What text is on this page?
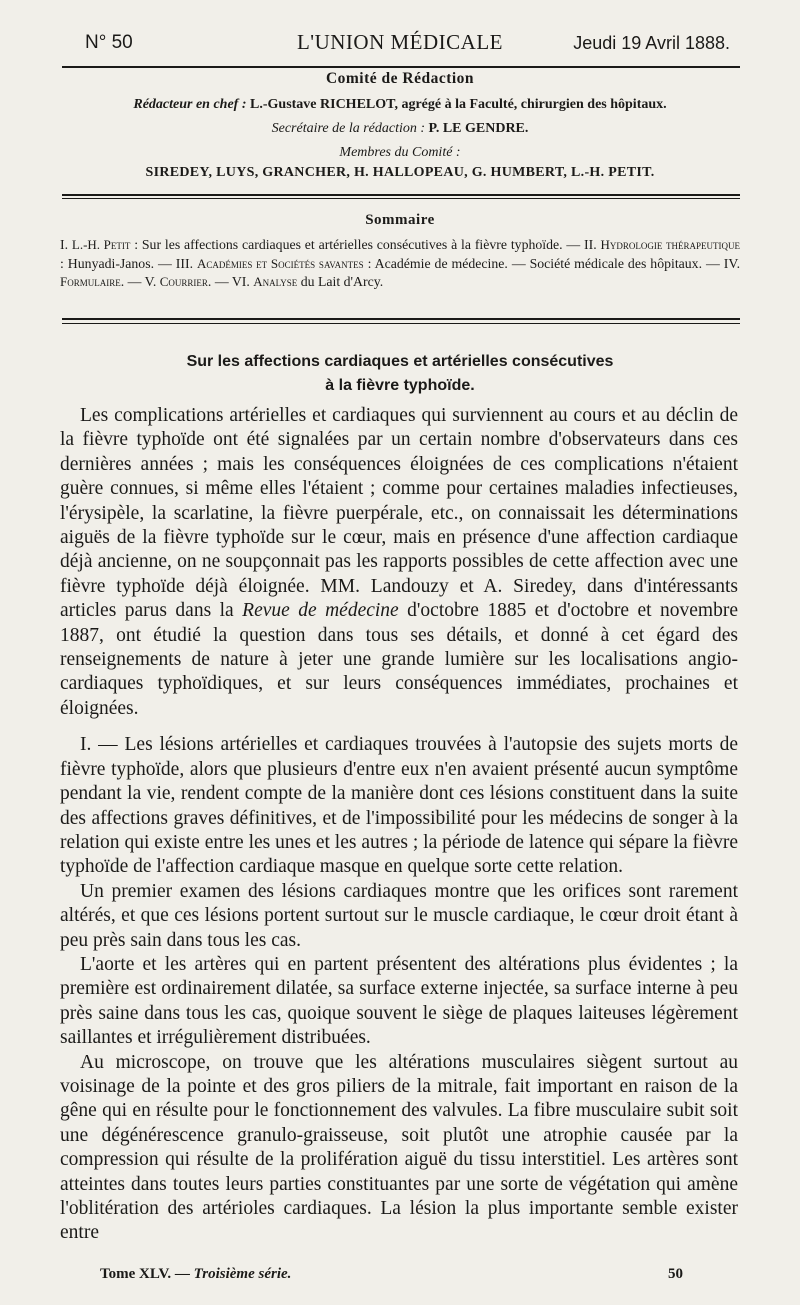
N° 50	L'UNION MÉDICALE	Jeudi 19 Avril 1888.
Comité de Rédaction
Rédacteur en chef : L.-Gustave RICHELOT, agrégé à la Faculté, chirurgien des hôpitaux.
Secrétaire de la rédaction : P. LE GENDRE.
Membres du Comité :
SIREDEY, LUYS, GRANCHER, H. HALLOPEAU, G. HUMBERT, L.-H. PETIT.
Sommaire

I. L.-H. Petit : Sur les affections cardiaques et artérielles consécutives à la fièvre typhoïde. — II. Hydrologie thérapeutique : Hunyadi-Janos. — III. Académies et Sociétés savantes : Académie de médecine. — Société médicale des hôpitaux. — IV. Formulaire. — V. Courrier. — VI. Analyse du Lait d'Arcy.

Sur les affections cardiaques et artérielles consécutives
à la fièvre typhoïde.

Les complications artérielles et cardiaques qui surviennent au cours et au déclin de la fièvre typhoïde ont été signalées par un certain nombre d'observateurs dans ces dernières années ; mais les conséquences éloignées de ces complications n'étaient guère connues, si même elles l'étaient ; comme pour certaines maladies infectieuses, l'érysipèle, la scarlatine, la fièvre puerpérale, etc., on connaissait les déterminations aiguës de la fièvre typhoïde sur le cœur, mais en présence d'une affection cardiaque déjà ancienne, on ne soupçonnait pas les rapports possibles de cette affection avec une fièvre typhoïde déjà éloignée. MM. Landouzy et A. Siredey, dans d'intéressants articles parus dans la Revue de médecine d'octobre 1885 et d'octobre et novembre 1887, ont étudié la question dans tous ses détails, et donné à cet égard des renseignements de nature à jeter une grande lumière sur les localisations angio-cardiaques typhoïdiques, et sur leurs conséquences immédiates, prochaines et éloignées.

I. — Les lésions artérielles et cardiaques trouvées à l'autopsie des sujets morts de fièvre typhoïde, alors que plusieurs d'entre eux n'en avaient présenté aucun symptôme pendant la vie, rendent compte de la manière dont ces lésions constituent dans la suite des affections graves définitives, et de l'impossibilité pour les médecins de songer à la relation qui existe entre les unes et les autres ; la période de latence qui sépare la fièvre typhoïde de l'affection cardiaque masque en quelque sorte cette relation.

Un premier examen des lésions cardiaques montre que les orifices sont rarement altérés, et que ces lésions portent surtout sur le muscle cardiaque, le cœur droit étant à peu près sain dans tous les cas.

L'aorte et les artères qui en partent présentent des altérations plus évidentes ; la première est ordinairement dilatée, sa surface externe injectée, sa surface interne à peu près saine dans tous les cas, quoique souvent le siège de plaques laiteuses légèrement saillantes et irrégulièrement distribuées.

Au microscope, on trouve que les altérations musculaires siègent surtout au voisinage de la pointe et des gros piliers de la mitrale, fait important en raison de la gêne qui en résulte pour le fonctionnement des valvules. La fibre musculaire subit soit une dégénérescence granulo-graisseuse, soit plutôt une atrophie causée par la compression qui résulte de la prolifération aiguë du tissu interstitiel. Les artères sont atteintes dans toutes leurs parties constituantes par une sorte de végétation qui amène l'oblitération des artérioles cardiaques. La lésion la plus importante semble exister entre

Tome XLV. — Troisième série.	50
